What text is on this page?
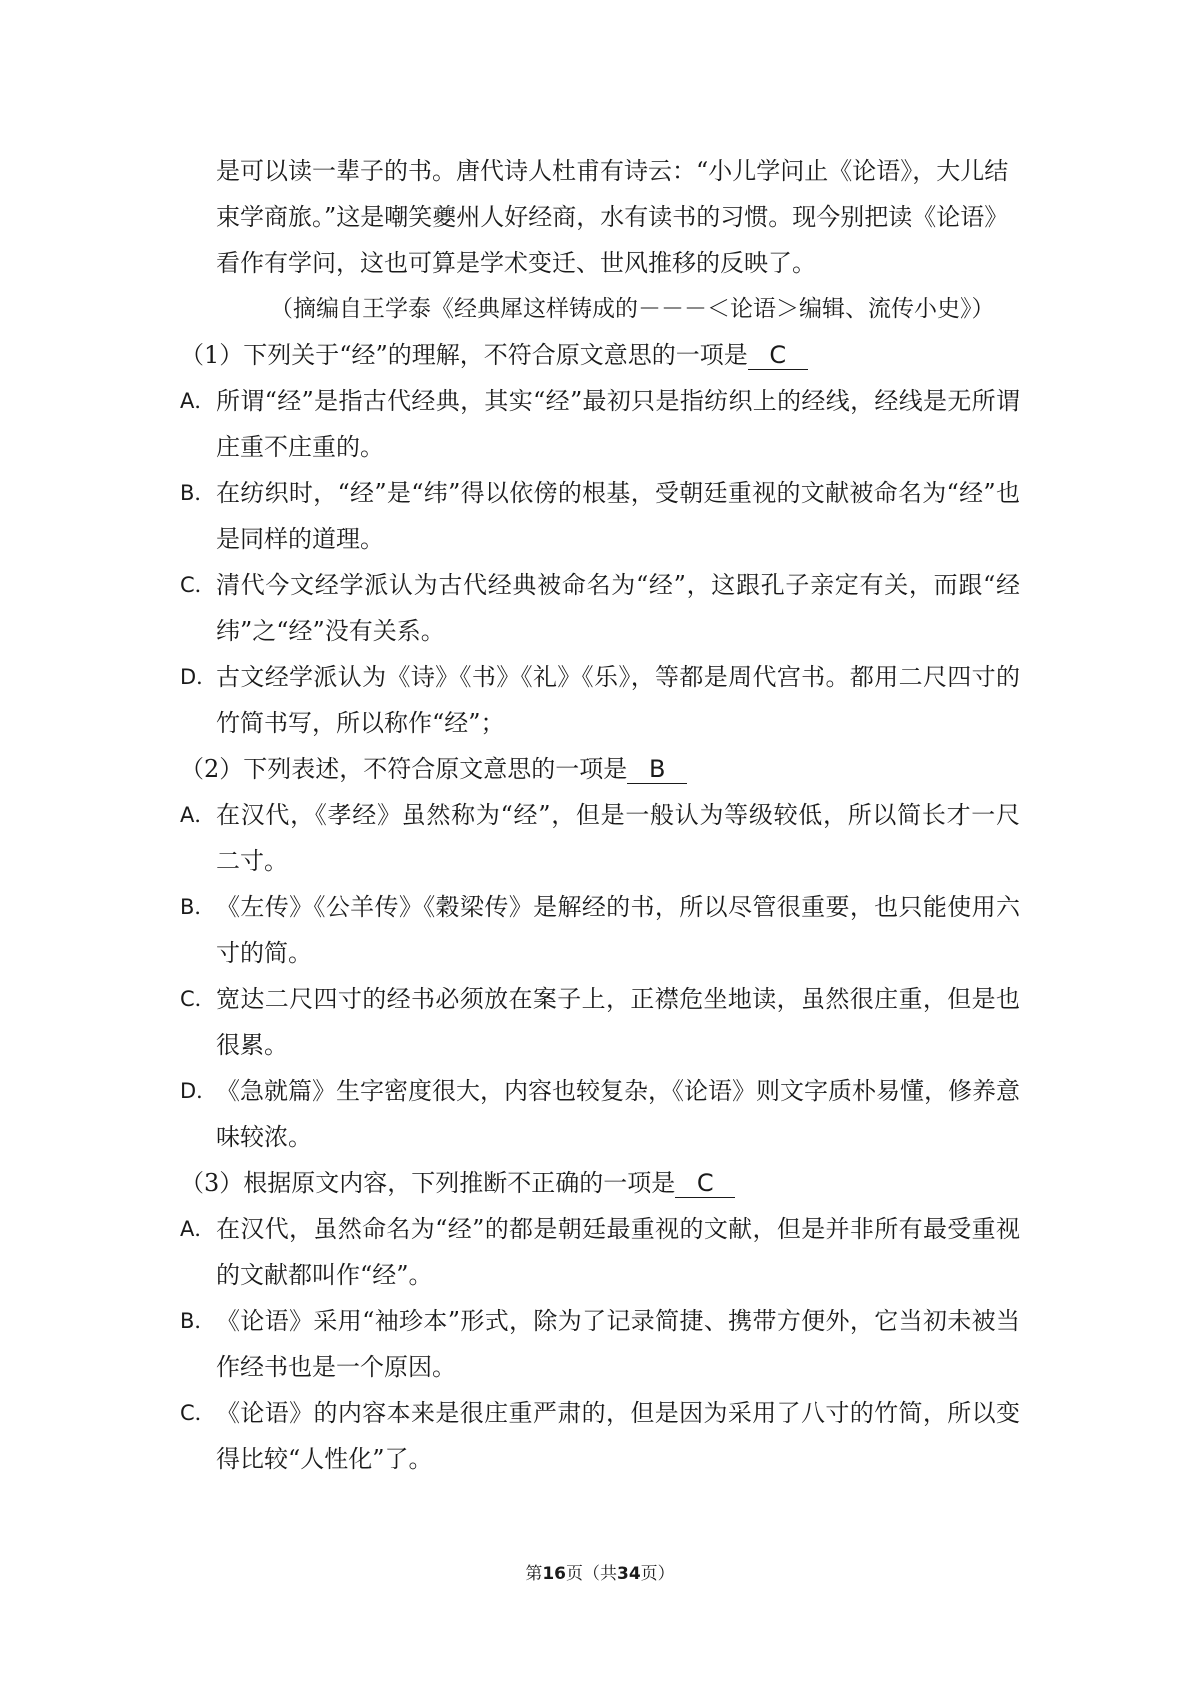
是可以读一辈子的书。唐代诗人杜甫有诗云：“小儿学问止《论语》，大儿结束学商旅。”这是嘲笑夔州人好经商，水有读书的习惯。现今别把读《论语》看作有学问，这也可算是学术变迁、世风推移的反映了。

（摘编自王学泰《经典犀这样铸成的－－－＜论语＞编辑、流传小史》）

（1）下列关于“经”的理解，不符合原文意思的一项是 C

A． 所谓“经”是指古代经典，其实“经”最初只是指纺织上的经线，经线是无所谓庄重不庄重的。

B． 在纺织时，“经”是“纬”得以依傍的根基，受朝廷重视的文献被命名为“经”也是同样的道理。

C． 清代今文经学派认为古代经典被命名为“经”，这跟孔子亲定有关，而跟“经纬”之“经”没有关系。

D．
古文经学派认为《诗》《书》《礼》《乐》，等都是周代宫书。都用二尺四寸的竹简书写，所以称作“经”；

（2）下列表述，不符合原文意思的一项是 B

A． 在汉代，《孝经》虽然称为“经”，但是一般认为等级较低，所以简长才一尺二寸。

B． 《左传》《公羊传》《穀梁传》是解经的书，所以尽管很重要，也只能使用六寸的简。

C． 宽达二尺四寸的经书必须放在案子上，正襟危坐地读，虽然很庄重，但是也很累。

D．
《急就篇》生字密度很大，内容也较复杂，《论语》则文字质朴易懂，修养意味较浓。

（3）根据原文内容，下列推断不正确的一项是 C

A． 在汉代，虽然命名为“经”的都是朝廷最重视的文献，但是并非所有最受重视的文献都叫作“经”。

B． 《论语》采用“袖珍本”形式，除为了记录简捷、携带方便外，它当初未被当作经书也是一个原因。

C． 《论语》的内容本来是很庄重严肃的，但是因为采用了八寸的竹简，所以变得比较“人性化”了。

第16页（共34页）
